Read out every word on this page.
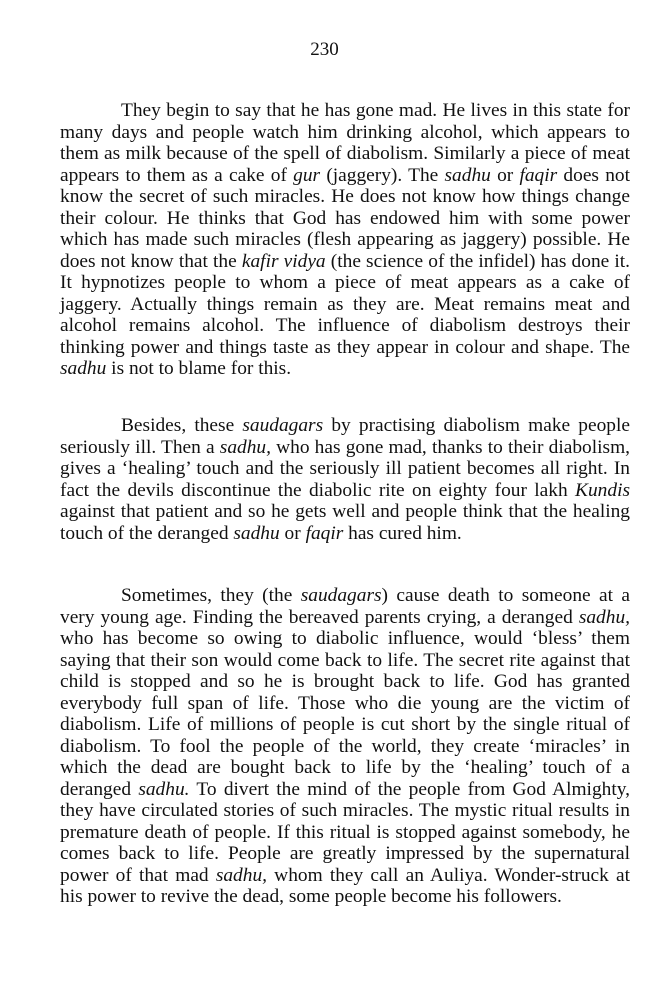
230

They begin to say that he has gone mad. He lives in this state for many days and people watch him drinking alcohol, which appears to them as milk because of the spell of diabolism. Similarly a piece of meat appears to them as a cake of gur (jaggery). The sadhu or faqir does not know the secret of such miracles. He does not know how things change their colour. He thinks that God has endowed him with some power which has made such miracles (flesh appearing as jaggery) possible. He does not know that the kafir vidya (the science of the infidel) has done it. It hypnotizes people to whom a piece of meat appears as a cake of jaggery. Actually things remain as they are. Meat remains meat and alcohol remains alcohol. The influence of diabolism destroys their thinking power and things taste as they appear in colour and shape. The sadhu is not to blame for this.

Besides, these saudagars by practising diabolism make people seriously ill. Then a sadhu, who has gone mad, thanks to their diabolism, gives a ‘healing’ touch and the seriously ill patient becomes all right. In fact the devils discontinue the diabolic rite on eighty four lakh Kundis against that patient and so he gets well and people think that the healing touch of the deranged sadhu or faqir has cured him.

Sometimes, they (the saudagars) cause death to someone at a very young age. Finding the bereaved parents crying, a deranged sadhu, who has become so owing to diabolic influence, would ‘bless’ them saying that their son would come back to life. The secret rite against that child is stopped and so he is brought back to life. God has granted everybody full span of life. Those who die young are the victim of diabolism. Life of millions of people is cut short by the single ritual of diabolism. To fool the people of the world, they create ‘miracles’ in which the dead are bought back to life by the ‘healing’ touch of a deranged sadhu. To divert the mind of the people from God Almighty, they have circulated stories of such miracles. The mystic ritual results in premature death of people. If this ritual is stopped against somebody, he comes back to life. People are greatly impressed by the supernatural power of that mad sadhu, whom they call an Auliya. Wonder-struck at his power to revive the dead, some people become his followers.
